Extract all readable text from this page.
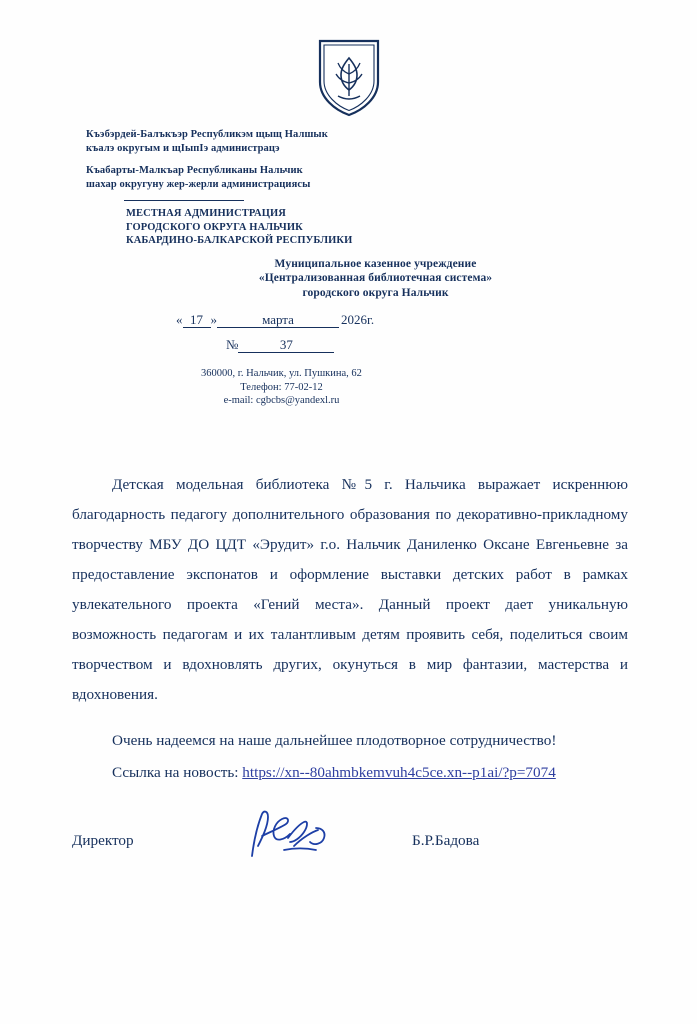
Къэбэрдей-Балъкъэр Республикэм щыщ Налшык
къалэ округым и щIыпIэ администрацэ
Къабарты-Малкъар Республиканы Нальчик
шахар округуну жер-жерли администрациясы
МЕСТНАЯ АДМИНИСТРАЦИЯ
ГОРОДСКОГО ОКРУГА НАЛЬЧИК
КАБАРДИНО-БАЛКАРСКОЙ РЕСПУБЛИКИ
Муниципальное казенное учреждение
«Централизованная библиотечная система»
городского округа Нальчик
« 17 »	марта	2026г.
№	37
360000, г. Нальчик, ул. Пушкина, 62
Телефон: 77-02-12
e-mail: cgbcbs@yandexl.ru

Детская модельная библиотека №5 г. Нальчика выражает искреннюю благодарность педагогу дополнительного образования по декоративно-прикладному творчеству МБУ ДО ЦДТ «Эрудит» г.о. Нальчик Даниленко Оксане Евгеньевне за предоставление экспонатов и оформление выставки детских работ в рамках увлекательного проекта «Гений места». Данный проект дает уникальную возможность педагогам и их талантливым детям проявить себя, поделиться своим творчеством и вдохновлять других, окунуться в мир фантазии, мастерства и вдохновения.

Очень надеемся на наше дальнейшее плодотворное сотрудничество!

Ссылка на новость: https://xn--80ahmbkemvuh4c5ce.xn--p1ai/?p=7074

Директор	Б.Р.Бадова
